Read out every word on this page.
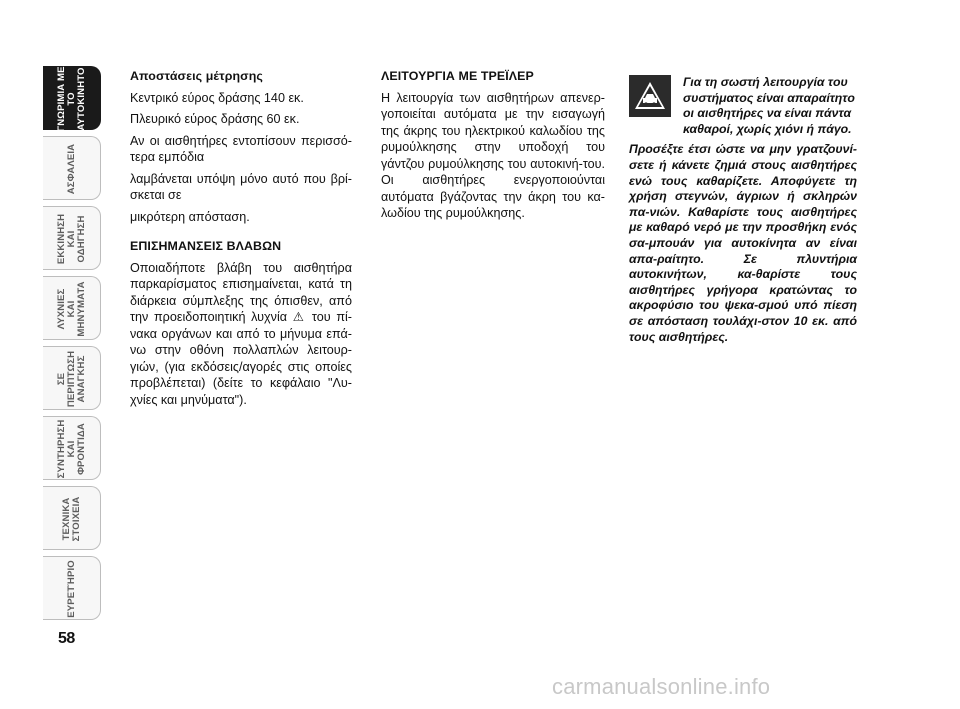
ΓΝΩΡΙΜΙΑ ΜΕ
ΤΟ
ΑΥΤΟΚΙΝΗΤΟ
ΑΣΦΑΛΕΙΑ
ΕΚΚΙΝΗΣΗ
ΚΑΙ
ΟΔΗΓΗΣΗ
ΛΥΧΝΙΕΣ
ΚΑΙ
ΜΗΝΥΜΑΤΑ
ΣΕ
ΠΕΡΙΠΤΩΣΗ
ΑΝΑΓΚΗΣ
ΣΥΝΤΗΡΗΣΗ
ΚΑΙ
ΦΡΟΝΤΙΔΑ
ΤΕΧΝΙΚΑ
ΣΤΟΙΧΕΙΑ
ΕΥΡΕΤΉΡΙΟ
58
Αποστάσεις μέτρησης

Κεντρικό εύρος δράσης 140 εκ.

Πλευρικό εύρος δράσης 60 εκ.

Αν οι αισθητήρες εντοπίσουν περισσό-τερα εμπόδια

λαμβάνεται υπόψη μόνο αυτό που βρί-σκεται σε

μικρότερη απόσταση.

ΕΠΙΣΗΜΑΝΣΕΙΣ ΒΛΑΒΩΝ

Οποιαδήποτε βλάβη του αισθητήρα παρκαρίσματος επισημαίνεται, κατά τη διάρκεια σύμπλεξης της όπισθεν, από την προειδοποιητική λυχνία ⚠ του πί-νακα οργάνων και από το μήνυμα επά-νω στην οθόνη πολλαπλών λειτουρ-γιών, (για εκδόσεις/αγορές στις οποίες προβλέπεται) (δείτε το κεφάλαιο "Λυ-χνίες και μηνύματα").

ΛΕΙΤΟΥΡΓΙΑ ΜΕ ΤΡΕΪΛΕΡ

Η λειτουργία των αισθητήρων απενερ-γοποιείται αυτόματα με την εισαγωγή της άκρης του ηλεκτρικού καλωδίου της ρυμούλκησης στην υποδοχή του γάντζου ρυμούλκησης του αυτοκινή-του. Οι αισθητήρες ενεργοποιούνται αυτόματα βγάζοντας την άκρη του κα-λωδίου της ρυμούλκησης.

Για τη σωστή λειτουργία του συστήματος είναι απαραίτητο οι αισθητήρες να είναι πάντα καθαροί, χωρίς χιόνι ή πάγο.
Προσέξτε έτσι ώστε να μην γρατζουνί-σετε ή κάνετε ζημιά στους αισθητήρες ενώ τους καθαρίζετε. Αποφύγετε τη χρήση στεγνών, άγριων ή σκληρών πα-νιών. Καθαρίστε τους αισθητήρες με καθαρό νερό με την προσθήκη ενός σα-μπουάν για αυτοκίνητα αν είναι απα-ραίτητο. Σε πλυντήρια αυτοκινήτων, κα-θαρίστε τους αισθητήρες γρήγορα κρατώντας το ακροφύσιο του ψεκα-σμού υπό πίεση σε απόσταση τουλάχι-στον 10 εκ. από τους αισθητήρες.
carmanualsonline.info
